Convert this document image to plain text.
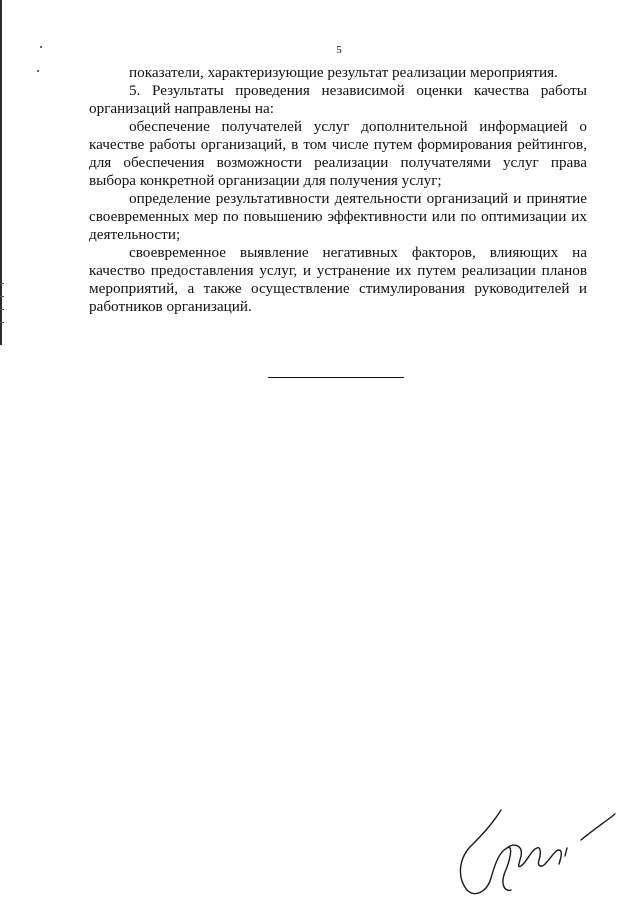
5

показатели, характеризующие результат реализации мероприятия.

5. Результаты проведения независимой оценки качества работы организаций направлены на:

обеспечение получателей услуг дополнительной информацией о качестве работы организаций, в том числе путем формирования рейтингов, для обеспечения возможности реализации получателями услуг права выбора конкретной организации для получения услуг;

определение результативности деятельности организаций и принятие своевременных мер по повышению эффективности или по оптимизации их деятельности;

своевременное выявление негативных факторов, влияющих на качество предоставления услуг, и устранение их путем реализации планов мероприятий, а также осуществление стимулирования руководителей и работников организаций.
